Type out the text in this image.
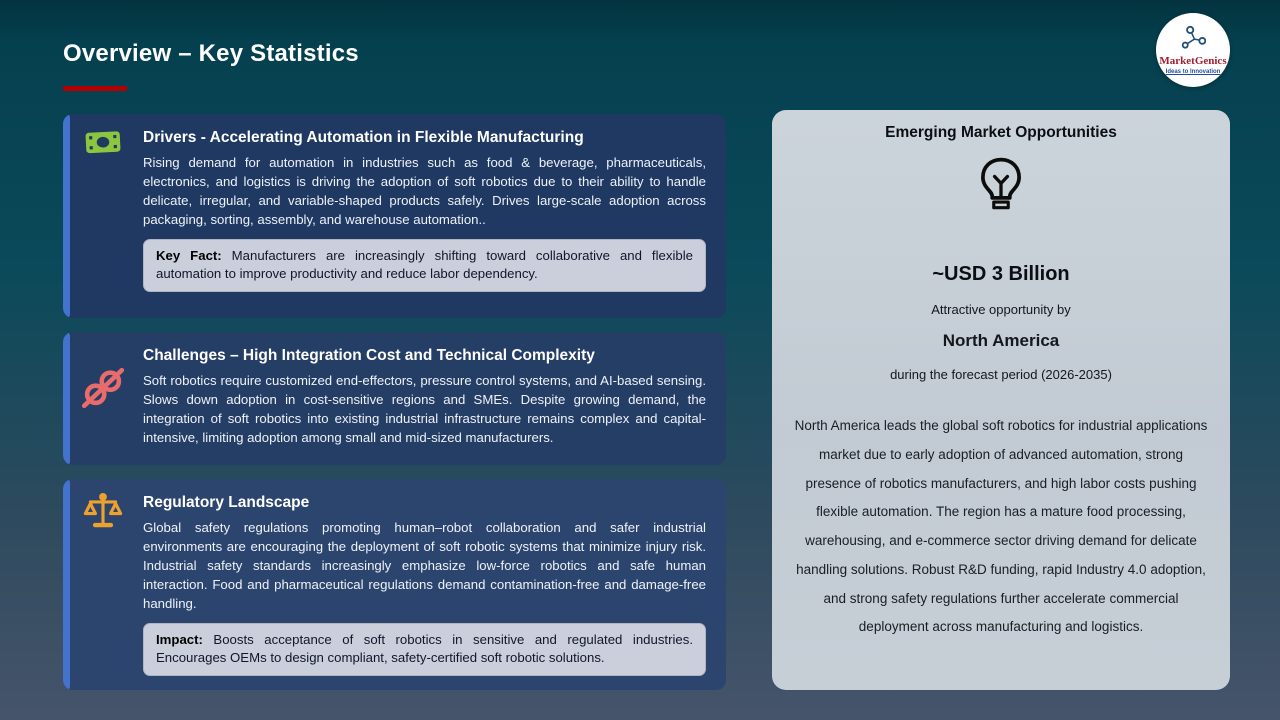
Overview – Key Statistics	MarketGenics
Ideas to Innovation
Drivers - Accelerating Automation in Flexible Manufacturing
Rising demand for automation in industries such as food & beverage, pharmaceuticals, electronics, and logistics is driving the adoption of soft robotics due to their ability to handle delicate, irregular, and variable-shaped products safely. Drives large-scale adoption across packaging, sorting, assembly, and warehouse automation..
Key Fact: Manufacturers are increasingly shifting toward collaborative and flexible automation to improve productivity and reduce labor dependency.
Challenges – High Integration Cost and Technical Complexity
Soft robotics require customized end-effectors, pressure control systems, and AI-based sensing. Slows down adoption in cost-sensitive regions and SMEs. Despite growing demand, the integration of soft robotics into existing industrial infrastructure remains complex and capital-intensive, limiting adoption among small and mid-sized manufacturers.
Regulatory Landscape
Global safety regulations promoting human–robot collaboration and safer industrial environments are encouraging the deployment of soft robotic systems that minimize injury risk. Industrial safety standards increasingly emphasize low-force robotics and safe human interaction. Food and pharmaceutical regulations demand contamination-free and damage-free handling.
Impact: Boosts acceptance of soft robotics in sensitive and regulated industries. Encourages OEMs to design compliant, safety-certified soft robotic solutions.
Emerging Market Opportunities
~USD 3 Billion
Attractive opportunity by
North America
during the forecast period (2026-2035)
North America leads the global soft robotics for industrial applications market due to early adoption of advanced automation, strong presence of robotics manufacturers, and high labor costs pushing flexible automation. The region has a mature food processing, warehousing, and e-commerce sector driving demand for delicate handling solutions. Robust R&D funding, rapid Industry 4.0 adoption, and strong safety regulations further accelerate commercial deployment across manufacturing and logistics.
